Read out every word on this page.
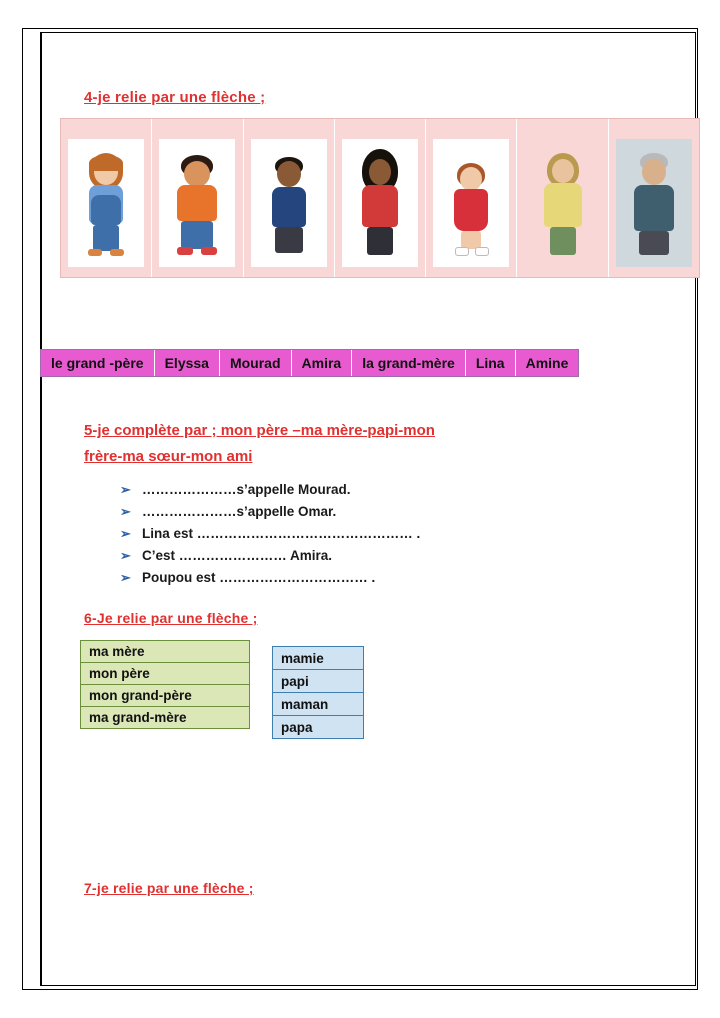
4-je relie par une flèche ;
le grand -père	Elyssa	Mourad	Amira	la grand-mère	Lina	Amine
5-je complète par ; mon père –ma mère-papi-mon
frère-ma sœur-mon ami
➢ …………………s’appelle Mourad.
➢ …………………s’appelle Omar.
➢ Lina est ………………………………………… .
➢ C’est …………………… Amira.
➢ Poupou est …………………………… .
6-Je relie par une flèche ;
ma mère
mon père
mon grand-père
ma grand-mère
mamie
papi
maman
papa
7-je relie par une flèche ;
